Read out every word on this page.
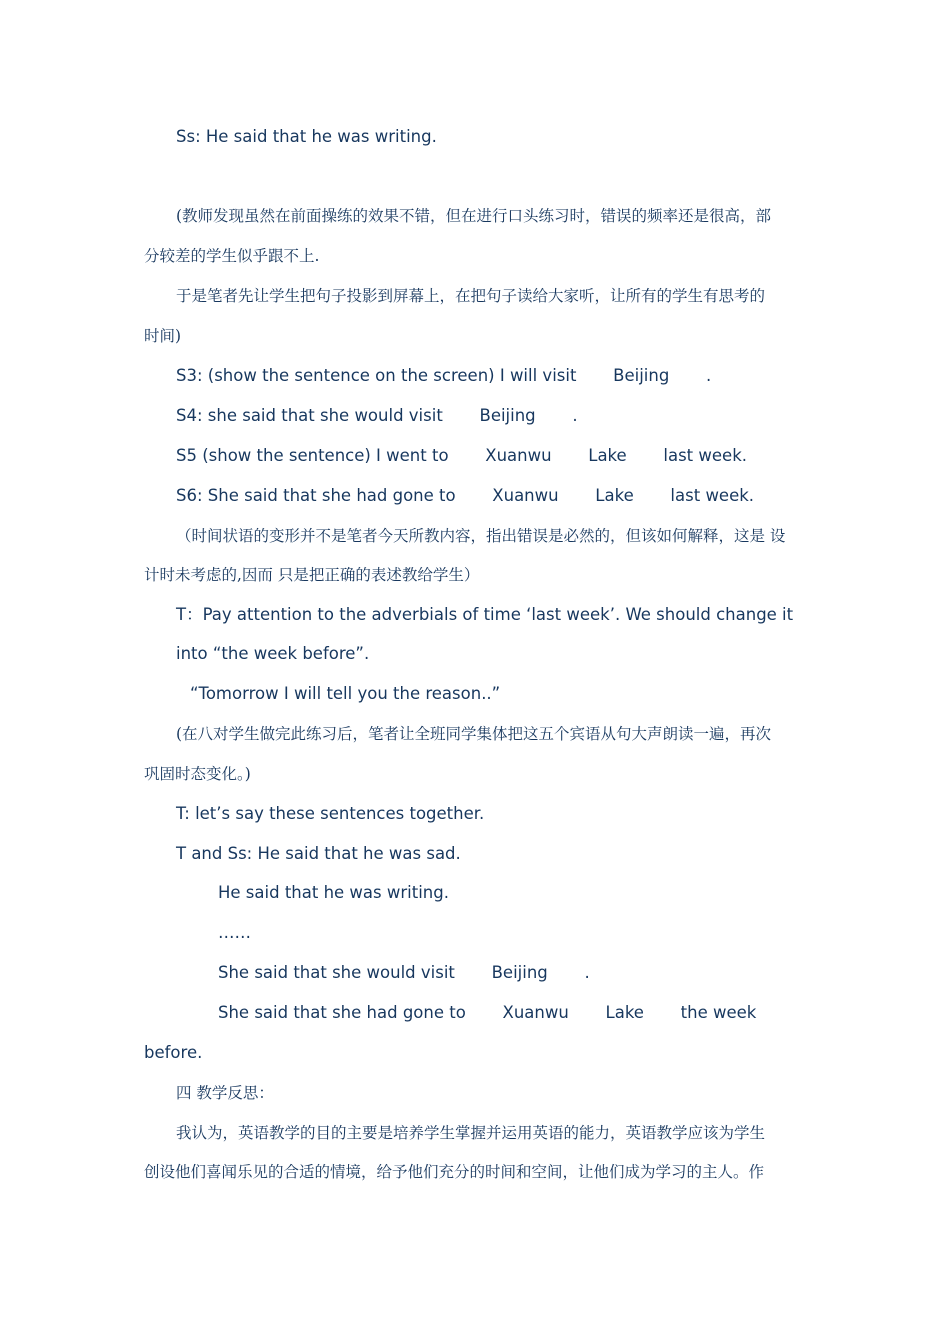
Ss: He said that he was writing.
(教师发现虽然在前面操练的效果不错，但在进行口头练习时，错误的频率还是很高，部
分较差的学生似乎跟不上.
于是笔者先让学生把句子投影到屏幕上，在把句子读给大家听，让所有的学生有思考的
时间)
S3: (show the sentence on the screen) I will visit       Beijing       .
S4: she said that she would visit       Beijing       .
S5 (show the sentence) I went to       Xuanwu       Lake       last week.
S6: She said that she had gone to       Xuanwu       Lake       last week.
（时间状语的变形并不是笔者今天所教内容，指出错误是必然的，但该如何解释，这是 设
计时未考虑的,因而 只是把正确的表述教给学生）
T：Pay attention to the adverbials of time ‘last week’. We should change it
into “the week before”.
“Tomorrow I will tell you the reason..”
(在八对学生做完此练习后，笔者让全班同学集体把这五个宾语从句大声朗读一遍，再次
巩固时态变化。)
T: let’s say these sentences together.
T and Ss: He said that he was sad.
He said that he was writing.
……
She said that she would visit       Beijing       .
She said that she had gone to       Xuanwu       Lake       the week
before.
四 教学反思：
我认为，英语教学的目的主要是培养学生掌握并运用英语的能力，英语教学应该为学生
创设他们喜闻乐见的合适的情境，给予他们充分的时间和空间，让他们成为学习的主人。作
